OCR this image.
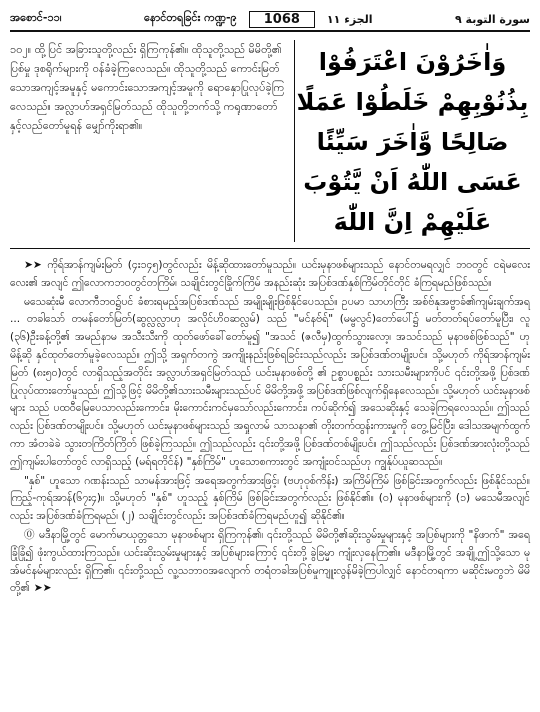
အစောင်-၁၁၊	နောင်တရခြင်း ကဏ္ဍ-၉	1068	الجزء ١١	سورة التوبة ٩
၁၀၂။ ထို့ပြင် အခြားသူတို့လည်း ရှိကြကုန်၏။ ထိုသူတို့သည် မိမိတို့၏ ပြစ်မှု ဒုစရိုက်များကို ဝန်ခံခဲ့ကြလေသည်။ ထိုသူတို့သည် ကောင်းမြတ်သောအကျင့်အမူနှင့် မကောင်းသောအကျင့်အမူကို ရောနှောပြုလုပ်ခဲ့ကြလေသည်။ အလ္လာဟ်အရှင်မြတ်သည် ထိုသူတို့ဘက်သို့ ကရုဏာတော်နှင့်လည်တော်မူရန် မျှော်ကိုးရာ၏။
وَاٰخَرُوْنَ اعْتَرَفُوْا بِذُنُوْبِهِمْ خَلَطُوْا عَمَلًا صَالِحًا وَّاٰخَرَ سَيِّئًا عَسَى اللّٰهُ اَنْ يَّتُوْبَ عَلَيْهِمْ اِنَّ اللّٰهَ

➤➤ ကိုရ်အာန်ကျမ်းမြတ် (၄း၁၄၅)တွင်လည်း မိန့်ဆိုထားတော်မူသည်။ ယင်းမုနာဖစ်များသည် နောင်တမရလျှင် ဘဝတွင် ငရဲမလေးလေး၏ အလျင် ဤလောကဘဝတွင်တကြိမ်၊ သချိုင်းတွင်ခြိုက်ကြိမ် အနည်းဆုံး အပြစ်ဒဏ်နှစ်ကြိမ်တိုင်တိုင် ခံကြရမည်ဖြစ်သည်။

မသေဆုံးမီ လောကီဘဝ၌ပင် ခံစားရမည့်အပြစ်ဒဏ်သည် အမျိုးမျိုးဖြစ်နိုင်ပေသည်။ ဥပမာ သာဟကြီး အစ်ဗ်နုအဗ္ဗာခ်၏ကျမ်းချက်အရ ... တခါသော် တမန်တော်မြတ်(ဆွလ္လလ္လာဟု အလိုင်ဟိဝဆလ္လမ်) သည် "မင်နဗ်ရ်" (မမ္ဗလွင်)တော်ပေါ်၌ မတ်တတ်ရပ်တော်မူပြီး၊ လူ (၃၆)ဦးခန့်တို့၏ အမည်နာမ အသီးသီးကို ထုတ်ဖော်ခေါ်တော်မူ၍ "အသင် (ဇလီမှ)ထွက်သွားလော့၊ အသင်သည် မုနာဖစ်ဖြစ်သည်" ဟု မိန့်ဆို နှင်ထုတ်တော်မူခဲ့လေသည်။ ဤသို့ အရှက်တကွဲ အကျိုးနည်းဖြစ်ရခြင်းသည်လည်း အပြစ်ဒဏ်တမျိုးပင်။ သို့မဟုတ် ကိုရ်အာန်ကျမ်းမြတ် (၈း၅၀)တွင် လာရှိသည့်အတိုင်း အလ္လာဟ်အရှင်မြတ်သည် ယင်းမုနာဖစ်တို့ ၏ ဥစ္စာပစ္စည်း သားသမီးများကိုပင် ၎င်းတို့အဖို့ ပြစ်ဒဏ်ပြုလုပ်ထားတော်မူသည်၊ ဤသို့ဖြင့် မိမိတို့၏သားသမီးများသည်ပင် မိမိတို့အဖို့ အပြစ်ဒဏ်ဖြစ်လျက်ရှိနေလေသည်။ သို့မဟုတ် ယင်းမုနာဖစ်များ သည် ပထဝီမြေပေသာလည်းကောင်း၊ မိုးကောင်းကင်မှသော်လည်းကောင်း၊ ကပ်ဆိုက်၍ အသေဆိုးနှင့် သေခဲ့ကြရလေသည်။ ဤသည်လည်း ပြစ်ဒဏ်တမျိုးပင်။ သို့မဟုတ် ယင်းမုနာဖစ်များသည် အရှုလာမ် သာသနာ၏ တိုးတက်ထွန်းကားမှုကို တွေ့မြင်ပြီး၊ ဒေါသအမျက်ထွက်ကာ အံတခဲခဲ သွားတကြိတ်ကြိတ် ဖြစ်ခဲ့ကြသည်။ ဤသည်လည်း ၎င်းတို့အဖို့ ပြစ်ဒဏ်တစ်မျိုးပင်။ ဤသည်လည်း ပြစ်ဒဏ်အားလုံးတို့သည် ဤကျမ်းပါတော်တွင် လာရှိသည့် (မရ်ရတိုင်န်) "နှစ်ကြိမ်" ဟူသောစကားတွင် အကျုံးဝင်သည်ဟု ကျွန်ုပ်ယူဆသည်။

"နှစ်" ဟူသော ဂဏန်းသည် သာမန်အားဖြင့် အရေအတွက်အားဖြင့်၊ (ဗဟုဝုစ်ကိန်း) အကြိမ်ကြိမ် ဖြစ်ခြင်းအတွက်လည်း ဖြစ်နိုင်သည်။ ကြည့်-ကုရ်အာန်(၆၇း၄)။ သို့မဟုတ် "နှစ်" ဟူသည့် နှစ်ကြိမ် ဖြစ်ခြင်းအတွက်လည်း ဖြစ်နိုင်၏။ (၀) မုနာဖစ်များကို (၁) မသေမီအလျင်လည်း အပြစ်ဒဏ်ခံကြရမည်၊ (၂) သချိုင်းတွင်လည်း အပြစ်ဒဏ်ခံကြရမည်ဟူ၍ ဆိုနိုင်၏။

⓪ မဒီနာမြို့တွင် မောက်မာယုတ္တသော မုနာဖစ်များ ရှိကြကုန်၏၊ ၎င်းတို့သည် မိမိတို့၏ဆိုးသွမ်းမှုများနှင့် အပြစ်များကို "နိဖာက်" အရေခြုံခြုံ၍ ဖုံးကွယ်ထားကြသည်။ ယင်းဆိုးသွမ်းမှုများနှင့် အပြစ်များကြောင့် ၎င်းတို့ ခွဲခြမ္မာ ကျုံးလှနေကြ၏။ မဒီနာမြို့တွင် အချို့ဤသို့သော မုအ်မင်နမ်များလည်း ရှိကြ၏၊ ၎င်းတို့သည် လူ့သဘာဝအလျောက် တရံတခါအပြစ်မှုကျူးလွန်မိခဲ့ကြပါလျှင် နောင်တရကာ မဆိုင်းမတွဘဲ မိမိတို့၏ ➤➤
